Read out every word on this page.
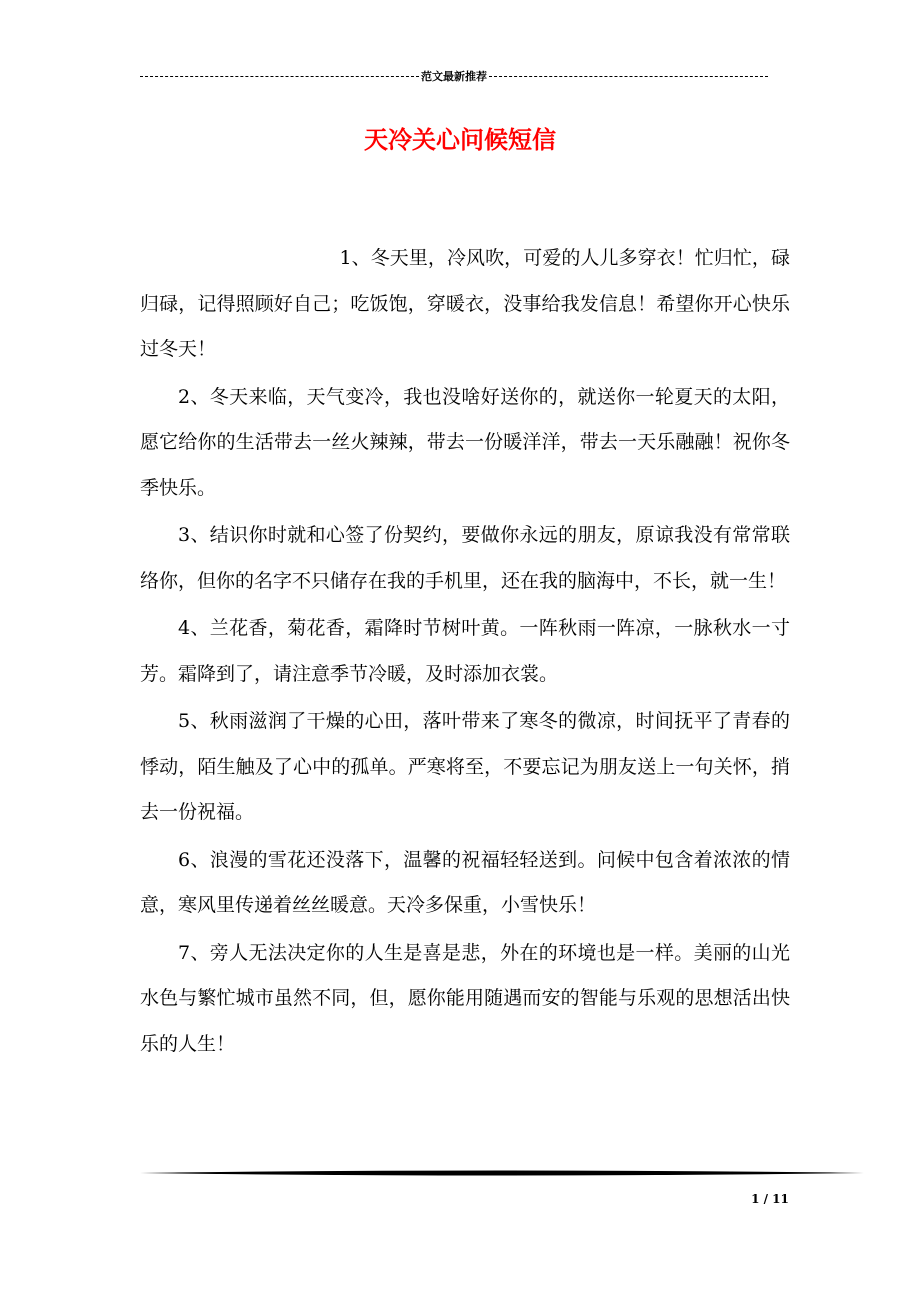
范文最新推荐
天冷关心问候短信

1、冬天里，冷风吹，可爱的人儿多穿衣！忙归忙，碌归碌，记得照顾好自己；吃饭饱，穿暖衣，没事给我发信息！希望你开心快乐过冬天！

2、冬天来临，天气变冷，我也没啥好送你的，就送你一轮夏天的太阳，愿它给你的生活带去一丝火辣辣，带去一份暖洋洋，带去一天乐融融！祝你冬季快乐。

3、结识你时就和心签了份契约，要做你永远的朋友，原谅我没有常常联络你，但你的名字不只储存在我的手机里，还在我的脑海中，不长，就一生！

4、兰花香，菊花香，霜降时节树叶黄。一阵秋雨一阵凉，一脉秋水一寸芳。霜降到了，请注意季节冷暖，及时添加衣裳。

5、秋雨滋润了干燥的心田，落叶带来了寒冬的微凉，时间抚平了青春的悸动，陌生触及了心中的孤单。严寒将至，不要忘记为朋友送上一句关怀，捎去一份祝福。

6、浪漫的雪花还没落下，温馨的祝福轻轻送到。问候中包含着浓浓的情意，寒风里传递着丝丝暖意。天冷多保重，小雪快乐！

7、旁人无法决定你的人生是喜是悲，外在的环境也是一样。美丽的山光水色与繁忙城市虽然不同，但，愿你能用随遇而安的智能与乐观的思想活出快乐的人生！

1 / 11
